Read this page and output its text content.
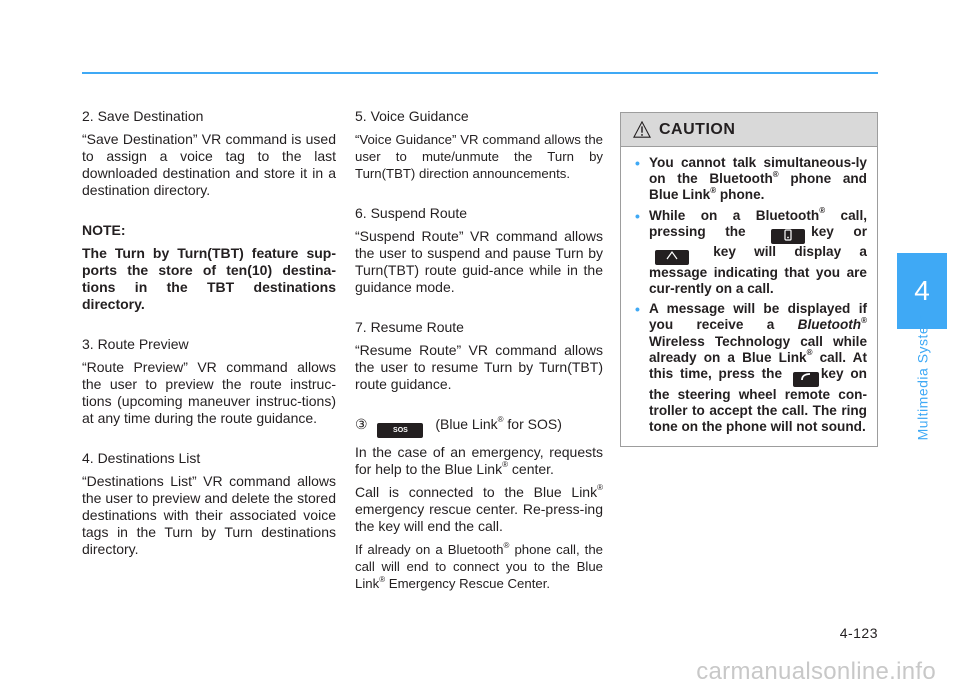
2. Save Destination

“Save Destination” VR command is used to assign a voice tag to the last downloaded destination and store it in a destination directory.

NOTE:

The Turn by Turn(TBT) feature sup-ports the store of ten(10) destina-tions in the TBT destinations directory.

3. Route Preview

“Route Preview” VR command allows the user to preview the route instruc-tions (upcoming maneuver instruc-tions) at any time during the route guidance.

4. Destinations List

“Destinations List” VR command allows the user to preview and delete the stored destinations with their associated voice tags in the Turn by Turn destinations directory.

5. Voice Guidance

“Voice Guidance” VR command allows the user to mute/unmute the Turn by Turn(TBT) direction announcements.

6. Suspend Route

“Suspend Route” VR command allows the user to suspend and pause Turn by Turn(TBT) route guid-ance while in the guidance mode.

7. Resume Route

“Resume Route” VR command allows the user to resume Turn by Turn(TBT) route guidance.

③	SOS (Blue Link® for SOS)

In the case of an emergency, requests for help to the Blue Link® center.

Call is connected to the Blue Link® emergency rescue center. Re-press-ing the key will end the call.

If already on a Bluetooth® phone call, the call will end to connect you to the Blue Link® Emergency Rescue Center.

CAUTION
• You cannot talk simultaneous-ly on the Bluetooth® phone and Blue Link® phone.
• While on a Bluetooth® call, pressing the	key or  key will display a message indicating that you are cur-rently on a call.
• A message will be displayed if you receive a Bluetooth® Wireless Technology call while already on a Blue Link® call. At this time, press the	key on the steering wheel remote con-troller to accept the call. The ring tone on the phone will not sound.
4
Multimedia System
4-123
carmanualsonline.info
